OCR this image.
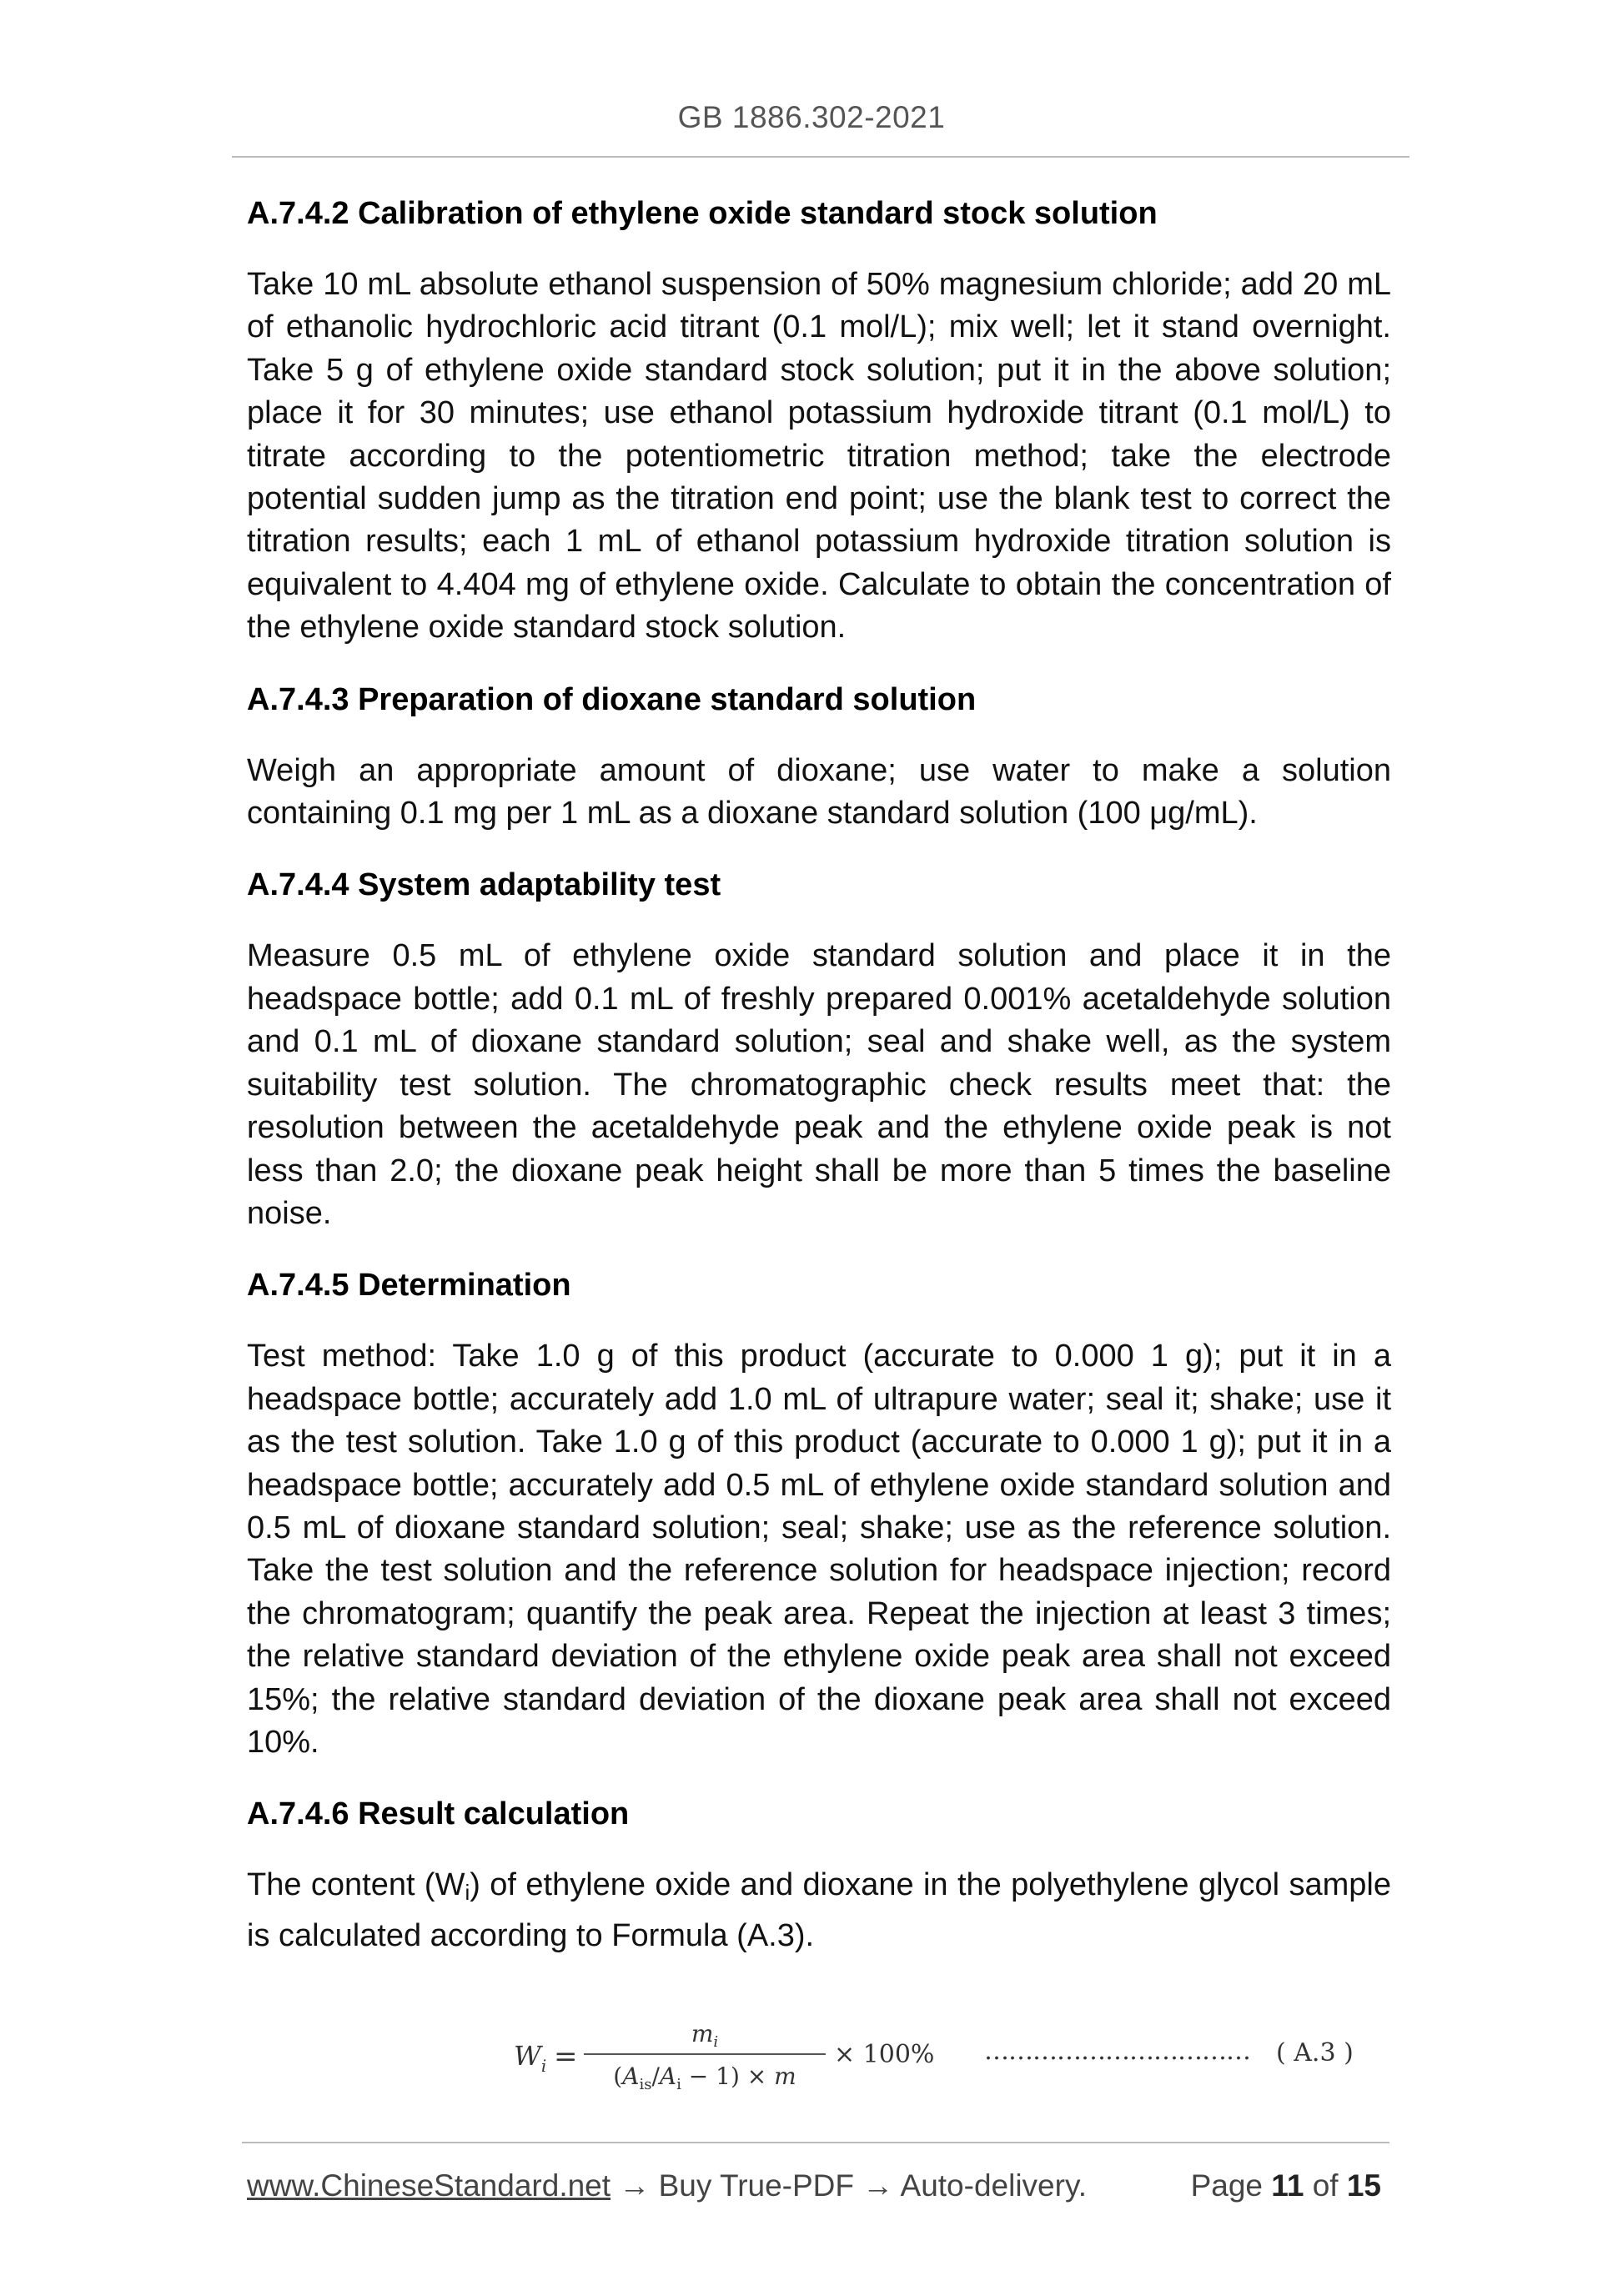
GB 1886.302-2021
A.7.4.2 Calibration of ethylene oxide standard stock solution
Take 10 mL absolute ethanol suspension of 50% magnesium chloride; add 20 mL of ethanolic hydrochloric acid titrant (0.1 mol/L); mix well; let it stand overnight. Take 5 g of ethylene oxide standard stock solution; put it in the above solution; place it for 30 minutes; use ethanol potassium hydroxide titrant (0.1 mol/L) to titrate according to the potentiometric titration method; take the electrode potential sudden jump as the titration end point; use the blank test to correct the titration results; each 1 mL of ethanol potassium hydroxide titration solution is equivalent to 4.404 mg of ethylene oxide. Calculate to obtain the concentration of the ethylene oxide standard stock solution.
A.7.4.3 Preparation of dioxane standard solution
Weigh an appropriate amount of dioxane; use water to make a solution containing 0.1 mg per 1 mL as a dioxane standard solution (100 μg/mL).
A.7.4.4 System adaptability test
Measure 0.5 mL of ethylene oxide standard solution and place it in the headspace bottle; add 0.1 mL of freshly prepared 0.001% acetaldehyde solution and 0.1 mL of dioxane standard solution; seal and shake well, as the system suitability test solution. The chromatographic check results meet that: the resolution between the acetaldehyde peak and the ethylene oxide peak is not less than 2.0; the dioxane peak height shall be more than 5 times the baseline noise.
A.7.4.5 Determination
Test method: Take 1.0 g of this product (accurate to 0.000 1 g); put it in a headspace bottle; accurately add 1.0 mL of ultrapure water; seal it; shake; use it as the test solution. Take 1.0 g of this product (accurate to 0.000 1 g); put it in a headspace bottle; accurately add 0.5 mL of ethylene oxide standard solution and 0.5 mL of dioxane standard solution; seal; shake; use as the reference solution. Take the test solution and the reference solution for headspace injection; record the chromatogram; quantify the peak area. Repeat the injection at least 3 times; the relative standard deviation of the ethylene oxide peak area shall not exceed 15%; the relative standard deviation of the dioxane peak area shall not exceed 10%.
A.7.4.6 Result calculation
The content $(W_i)$ of ethylene oxide and dioxane in the polyethylene glycol sample is calculated according to Formula (A.3).
$W_i$ =
$m_i$
$(A_{is}/A_i - 1) \times m$
× 100% …………………………… ( A.3 )
www.ChineseStandard.net → Buy True-PDF → Auto-delivery.	Page 11 of 15
